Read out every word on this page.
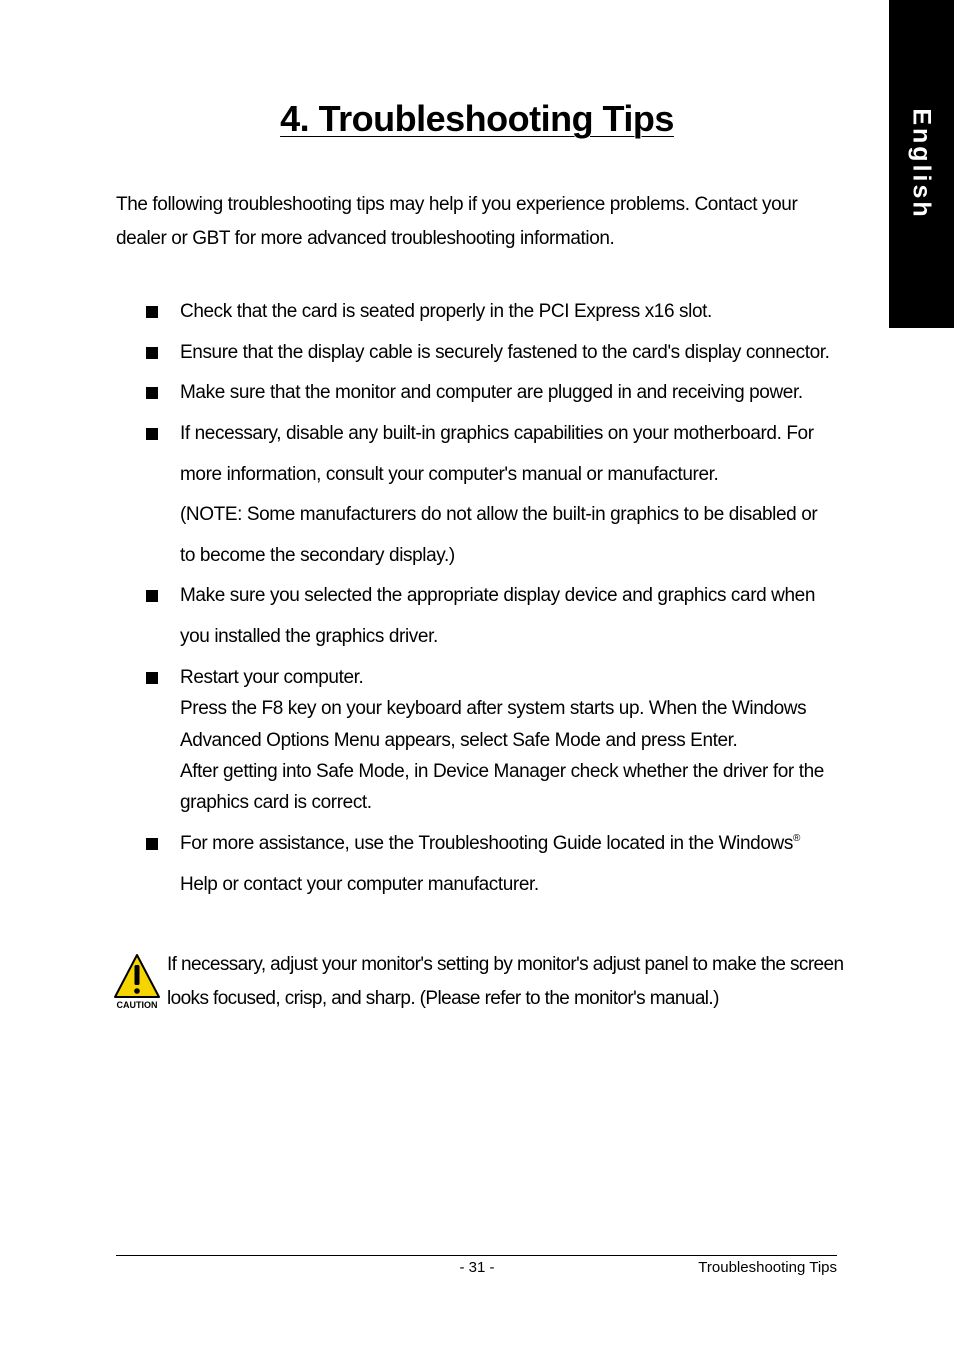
English
4. Troubleshooting Tips

The following troubleshooting tips may help if you experience problems. Contact your dealer or GBT for more advanced troubleshooting information.

Check that the card is seated properly in the PCI Express x16 slot.
Ensure that the display cable is securely fastened to the card's display connector.
Make sure that the monitor and computer are plugged in and receiving power.
If necessary, disable any built-in graphics capabilities on your motherboard. For
more information, consult your computer's manual or manufacturer.
(NOTE: Some manufacturers do not allow the built-in graphics to be disabled or
to become the secondary display.)
Make sure you selected the appropriate display device and graphics card when
you installed the graphics driver.
Restart your computer.
Press the F8 key on your keyboard after system starts up. When the Windows
Advanced Options Menu appears, select Safe Mode and press Enter.
After getting into Safe Mode, in Device Manager check whether the driver for the
graphics card is correct.
For more assistance, use the Troubleshooting Guide located in the Windows®
Help or contact your computer manufacturer.
CAUTION

If necessary, adjust your monitor's setting by monitor's adjust panel to make the screen looks focused, crisp, and sharp. (Please refer to the monitor's manual.)

- 31 -	Troubleshooting Tips
